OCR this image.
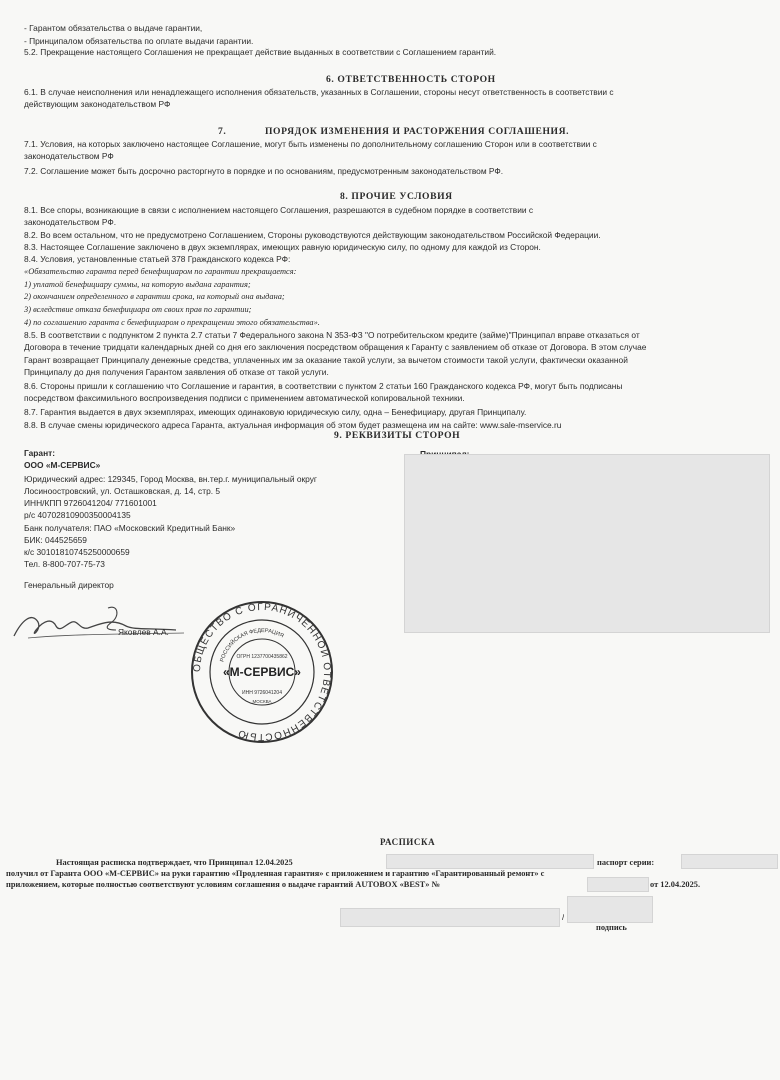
- Гарантом обязательства о выдаче гарантии,
- Принципалом обязательства по оплате выдачи гарантии.
5.2. Прекращение настоящего Соглашения не прекращает действие выданных в соответствии с Соглашением гарантий.
6. ОТВЕТСТВЕННОСТЬ СТОРОН
6.1. В случае неисполнения или ненадлежащего исполнения обязательств, указанных в Соглашении, стороны несут ответственность в соответствии с
действующим законодательством РФ
7.	ПОРЯДОК ИЗМЕНЕНИЯ И РАСТОРЖЕНИЯ СОГЛАШЕНИЯ.
7.1. Условия, на которых заключено настоящее Соглашение, могут быть изменены по дополнительному соглашению Сторон или в соответствии с
законодательством РФ
7.2. Соглашение может быть досрочно расторгнуто в порядке и по основаниям, предусмотренным законодательством РФ.
8. ПРОЧИЕ УСЛОВИЯ
8.1. Все споры, возникающие в связи с исполнением настоящего Соглашения, разрешаются в судебном порядке в соответствии с
законодательством РФ.
8.2. Во всем остальном, что не предусмотрено Соглашением, Стороны руководствуются действующим законодательством Российской Федерации.
8.3. Настоящее Соглашение заключено в двух экземплярах, имеющих равную юридическую силу, по одному для каждой из Сторон.
8.4. Условия, установленные статьей 378 Гражданского кодекса РФ:
«Обязательство гаранта перед бенефициаром по гарантии прекращается:
1) уплатой бенефициару суммы, на которую выдана гарантия;
2) окончанием определенного в гарантии срока, на который она выдана;
3) вследствие отказа бенефициара от своих прав по гарантии;
4) по соглашению гаранта с бенефициаром о прекращении этого обязательства».
8.5. В соответствии с подпунктом 2 пункта 2.7 статьи 7 Федерального закона N 353-ФЗ "О потребительском кредите (займе)"Принципал вправе отказаться от
Договора в течение тридцати календарных дней со дня его заключения посредством обращения к Гаранту с заявлением об отказе от Договора. В этом случае
Гарант возвращает Принципалу денежные средства, уплаченных им за оказание такой услуги, за вычетом стоимости такой услуги, фактически оказанной
Принципалу до дня получения Гарантом заявления об отказе от такой услуги.
8.6. Стороны пришли к соглашению что Соглашение и гарантия, в соответствии с пунктом 2 статьи 160 Гражданского кодекса РФ, могут быть подписаны
посредством факсимильного воспроизведения подписи с применением автоматической копировальной техники.
8.7. Гарантия выдается в двух экземплярах, имеющих одинаковую юридическую силу, одна – Бенефициару, другая Принципалу.
8.8. В случае смены юридического адреса Гаранта, актуальная информация об этом будет размещена им на сайте: www.sale-mservice.ru
9. РЕКВИЗИТЫ СТОРОН
Гарант:
ООО «М-СЕРВИС»
Юридический адрес: 129345, Город Москва, вн.тер.г. муниципальный округ
Лосиноостровский, ул. Осташковская, д. 14, стр. 5
ИНН/КПП 9726041204/ 771601001
р/с 40702810900350004135
Банк получателя: ПАО «Московский Кредитный Банк»
БИК: 044525659
к/с 30101810745250000659
Тел. 8-800-707-75-73
Генеральный директор
Яковлев А.А.
ОБЩЕСТВО С ОГРАНИЧЕННОЙ ОТВЕТСТВЕННОСТЬЮ
РОССИЙСКАЯ ФЕДЕРАЦИЯ
ОГРН 1237700435862
«М-СЕРВИС»
ИНН 9726041204
МОСКВА
РАСПИСКА
Настоящая расписка подтверждает, что Принципал 12.04.2025	паспорт серии:
получил от Гаранта ООО «М-СЕРВИС» на руки гарантию «Продленная гарантия» с приложением и гарантию «Гарантированный ремонт» с
приложением, которые полностью соответствуют условиям соглашения о выдаче гарантий AUTOBOX «BEST» №	от 12.04.2025.
/
подпись
